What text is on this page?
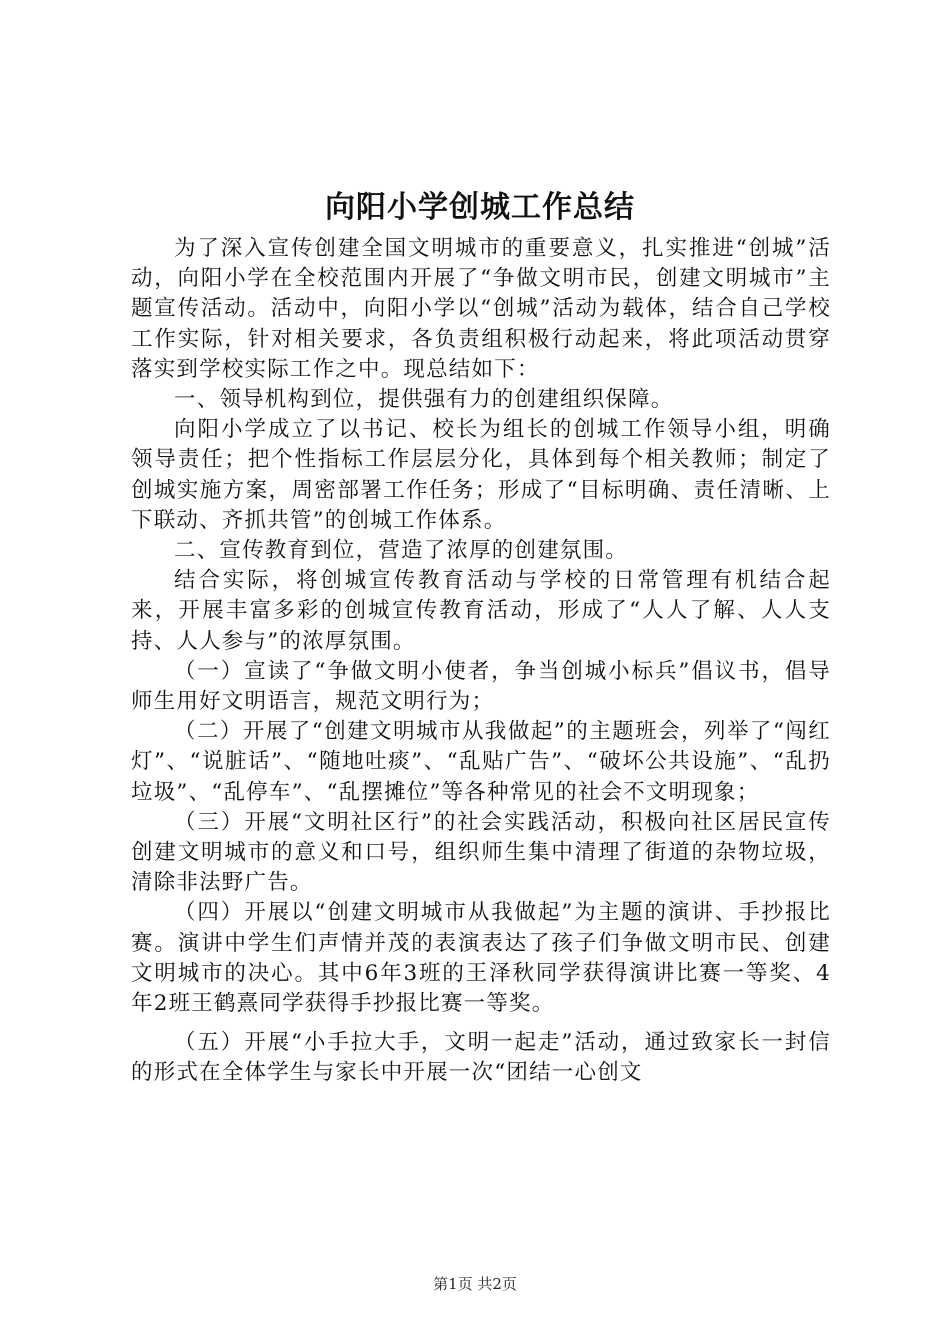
向阳小学创城工作总结

为了深入宣传创建全国文明城市的重要意义，扎实推进“创城”活动，向阳小学在全校范围内开展了“争做文明市民，创建文明城市”主题宣传活动。活动中，向阳小学以“创城”活动为载体，结合自己学校工作实际，针对相关要求，各负责组积极行动起来，将此项活动贯穿落实到学校实际工作之中。现总结如下：

一、领导机构到位，提供强有力的创建组织保障。

向阳小学成立了以书记、校长为组长的创城工作领导小组，明确领导责任；把个性指标工作层层分化，具体到每个相关教师；制定了创城实施方案，周密部署工作任务；形成了“目标明确、责任清晰、上下联动、齐抓共管”的创城工作体系。

二、宣传教育到位，营造了浓厚的创建氛围。

结合实际，将创城宣传教育活动与学校的日常管理有机结合起来，开展丰富多彩的创城宣传教育活动，形成了“人人了解、人人支持、人人参与”的浓厚氛围。

（一）宣读了“争做文明小使者，争当创城小标兵”倡议书，倡导师生用好文明语言，规范文明行为；

（二）开展了“创建文明城市从我做起”的主题班会，列举了“闯红灯”、“说脏话”、“随地吐痰”、“乱贴广告”、“破坏公共设施”、“乱扔垃圾”、“乱停车”、“乱摆摊位”等各种常见的社会不文明现象；

（三）开展“文明社区行”的社会实践活动，积极向社区居民宣传创建文明城市的意义和口号，组织师生集中清理了街道的杂物垃圾，清除非法野广告。

（四）开展以“创建文明城市从我做起”为主题的演讲、手抄报比赛。演讲中学生们声情并茂的表演表达了孩子们争做文明市民、创建文明城市的决心。其中6年3班的王泽秋同学获得演讲比赛一等奖、4年2班王鹤熹同学获得手抄报比赛一等奖。

（五）开展“小手拉大手，文明一起走”活动，通过致家长一封信的形式在全体学生与家长中开展一次“团结一心创文

第1页 共2页
